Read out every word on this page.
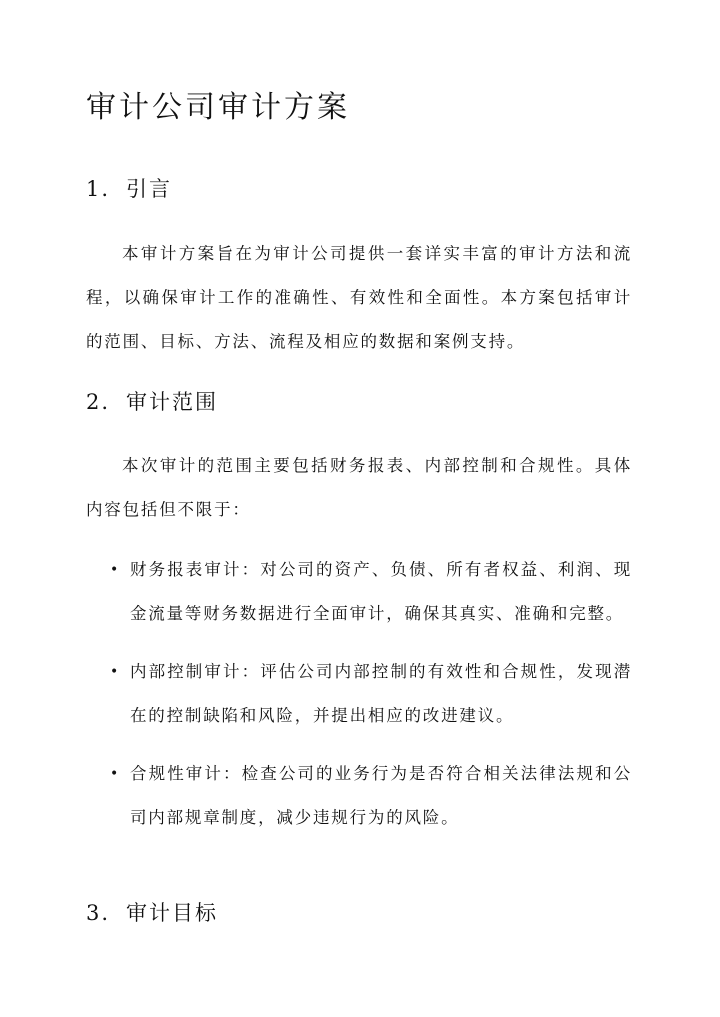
审计公司审计方案
1. 引言

本审计方案旨在为审计公司提供一套详实丰富的审计方法和流程，以确保审计工作的准确性、有效性和全面性。本方案包括审计的范围、目标、方法、流程及相应的数据和案例支持。

2. 审计范围

本次审计的范围主要包括财务报表、内部控制和合规性。具体内容包括但不限于：

• 财务报表审计：对公司的资产、负债、所有者权益、利润、现金流量等财务数据进行全面审计，确保其真实、准确和完整。
• 内部控制审计：评估公司内部控制的有效性和合规性，发现潜在的控制缺陷和风险，并提出相应的改进建议。
• 合规性审计：检查公司的业务行为是否符合相关法律法规和公司内部规章制度，减少违规行为的风险。
3. 审计目标
